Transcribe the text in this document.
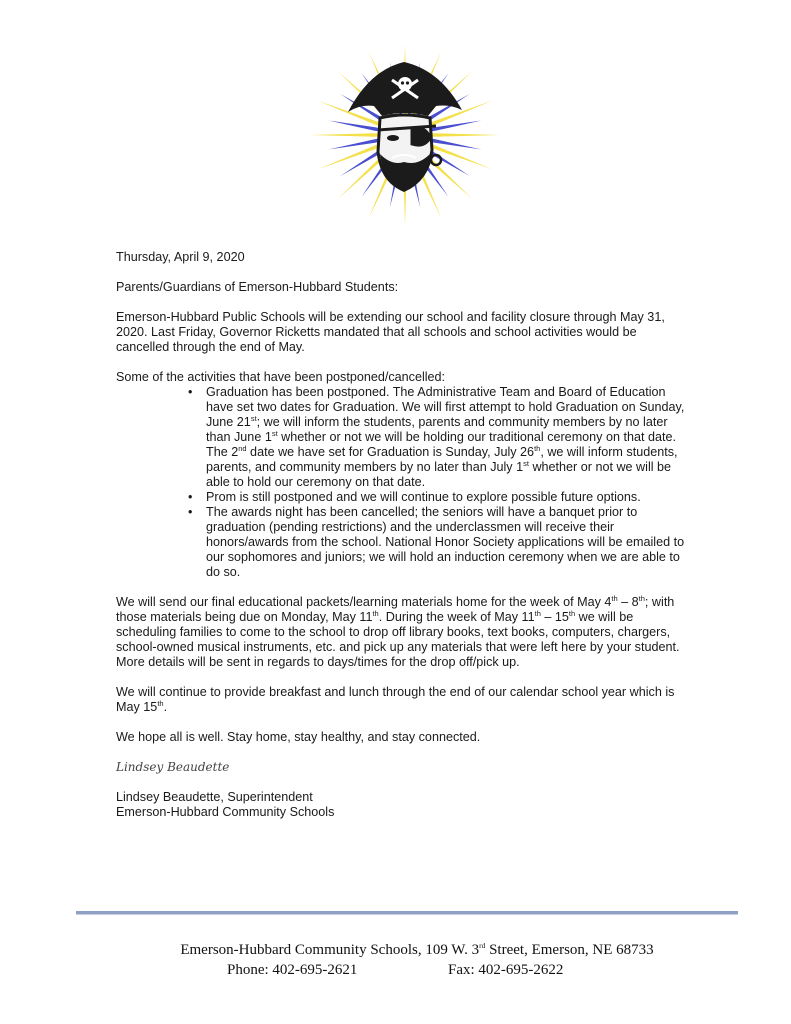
Thursday, April 9, 2020

Parents/Guardians of Emerson-Hubbard Students:

Emerson-Hubbard Public Schools will be extending our school and facility closure through May 31, 2020. Last Friday, Governor Ricketts mandated that all schools and school activities would be cancelled through the end of May.

Some of the activities that have been postponed/cancelled:

• Graduation has been postponed. The Administrative Team and Board of Education have set two dates for Graduation. We will first attempt to hold Graduation on Sunday, June 21st; we will inform the students, parents and community members by no later than June 1st whether or not we will be holding our traditional ceremony on that date. The 2nd date we have set for Graduation is Sunday, July 26th, we will inform students, parents, and community members by no later than July 1st whether or not we will be able to hold our ceremony on that date.
• Prom is still postponed and we will continue to explore possible future options.
• The awards night has been cancelled; the seniors will have a banquet prior to graduation (pending restrictions) and the underclassmen will receive their honors/awards from the school. National Honor Society applications will be emailed to our sophomores and juniors; we will hold an induction ceremony when we are able to do so.

We will send our final educational packets/learning materials home for the week of May 4th – 8th; with those materials being due on Monday, May 11th. During the week of May 11th – 15th we will be scheduling families to come to the school to drop off library books, text books, computers, chargers, school-owned musical instruments, etc. and pick up any materials that were left here by your student. More details will be sent in regards to days/times for the drop off/pick up.

We will continue to provide breakfast and lunch through the end of our calendar school year which is May 15th.

We hope all is well. Stay home, stay healthy, and stay connected.

Lindsey Beaudette

Lindsey Beaudette, Superintendent

Emerson-Hubbard Community Schools

Emerson-Hubbard Community Schools, 109 W. 3rd Street, Emerson, NE 68733
Phone: 402-695-2621	Fax: 402-695-2622
